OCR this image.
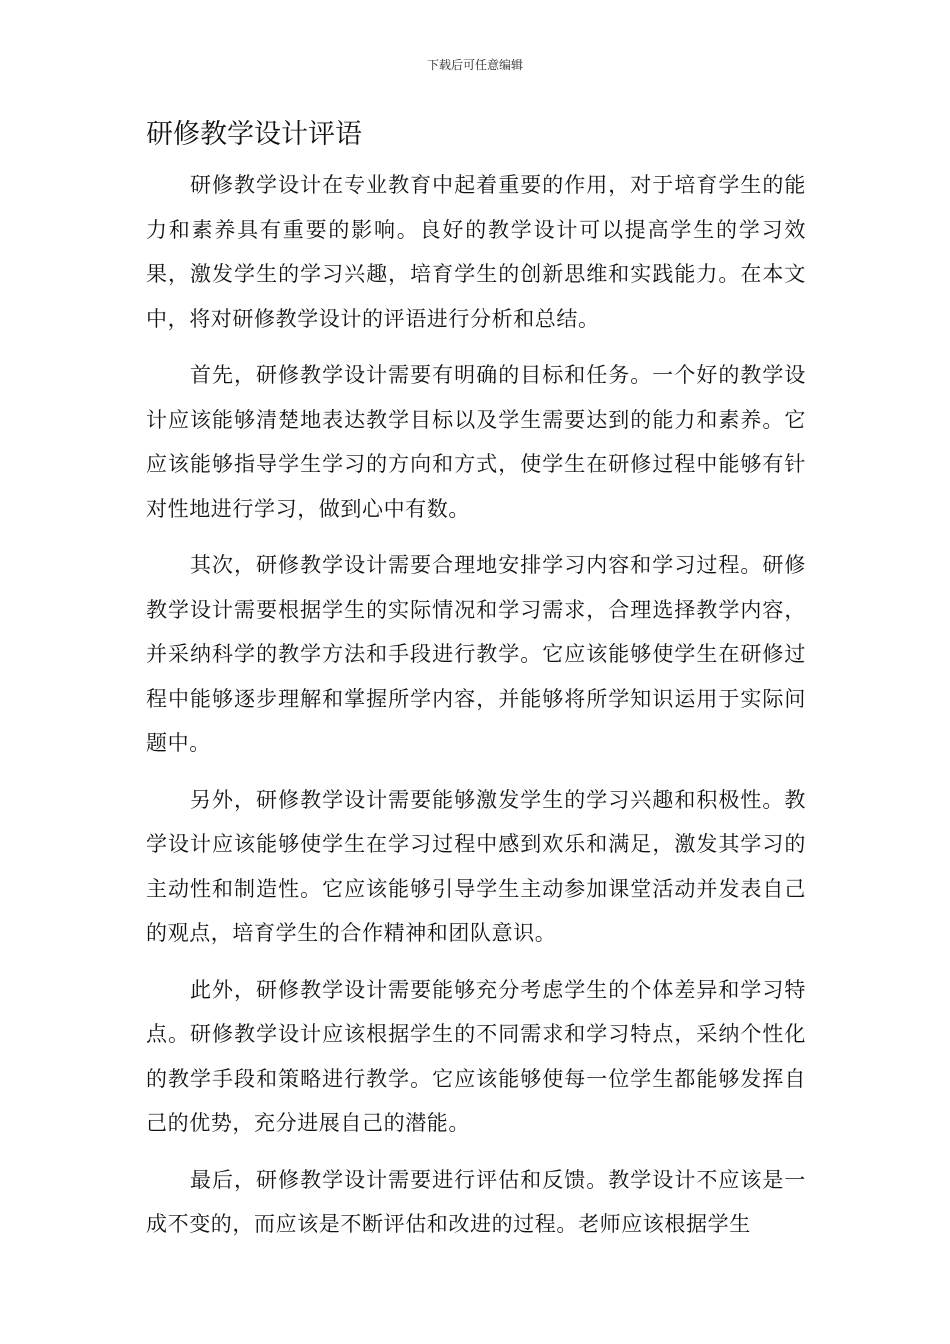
下载后可任意编辑
研修教学设计评语

研修教学设计在专业教育中起着重要的作用，对于培育学生的能力和素养具有重要的影响。良好的教学设计可以提高学生的学习效果，激发学生的学习兴趣，培育学生的创新思维和实践能力。在本文中，将对研修教学设计的评语进行分析和总结。

首先，研修教学设计需要有明确的目标和任务。一个好的教学设计应该能够清楚地表达教学目标以及学生需要达到的能力和素养。它应该能够指导学生学习的方向和方式，使学生在研修过程中能够有针对性地进行学习，做到心中有数。

其次，研修教学设计需要合理地安排学习内容和学习过程。研修教学设计需要根据学生的实际情况和学习需求，合理选择教学内容，并采纳科学的教学方法和手段进行教学。它应该能够使学生在研修过程中能够逐步理解和掌握所学内容，并能够将所学知识运用于实际问题中。

另外，研修教学设计需要能够激发学生的学习兴趣和积极性。教学设计应该能够使学生在学习过程中感到欢乐和满足，激发其学习的主动性和制造性。它应该能够引导学生主动参加课堂活动并发表自己的观点，培育学生的合作精神和团队意识。

此外，研修教学设计需要能够充分考虑学生的个体差异和学习特点。研修教学设计应该根据学生的不同需求和学习特点，采纳个性化的教学手段和策略进行教学。它应该能够使每一位学生都能够发挥自己的优势，充分进展自己的潜能。

最后，研修教学设计需要进行评估和反馈。教学设计不应该是一成不变的，而应该是不断评估和改进的过程。老师应该根据学生
